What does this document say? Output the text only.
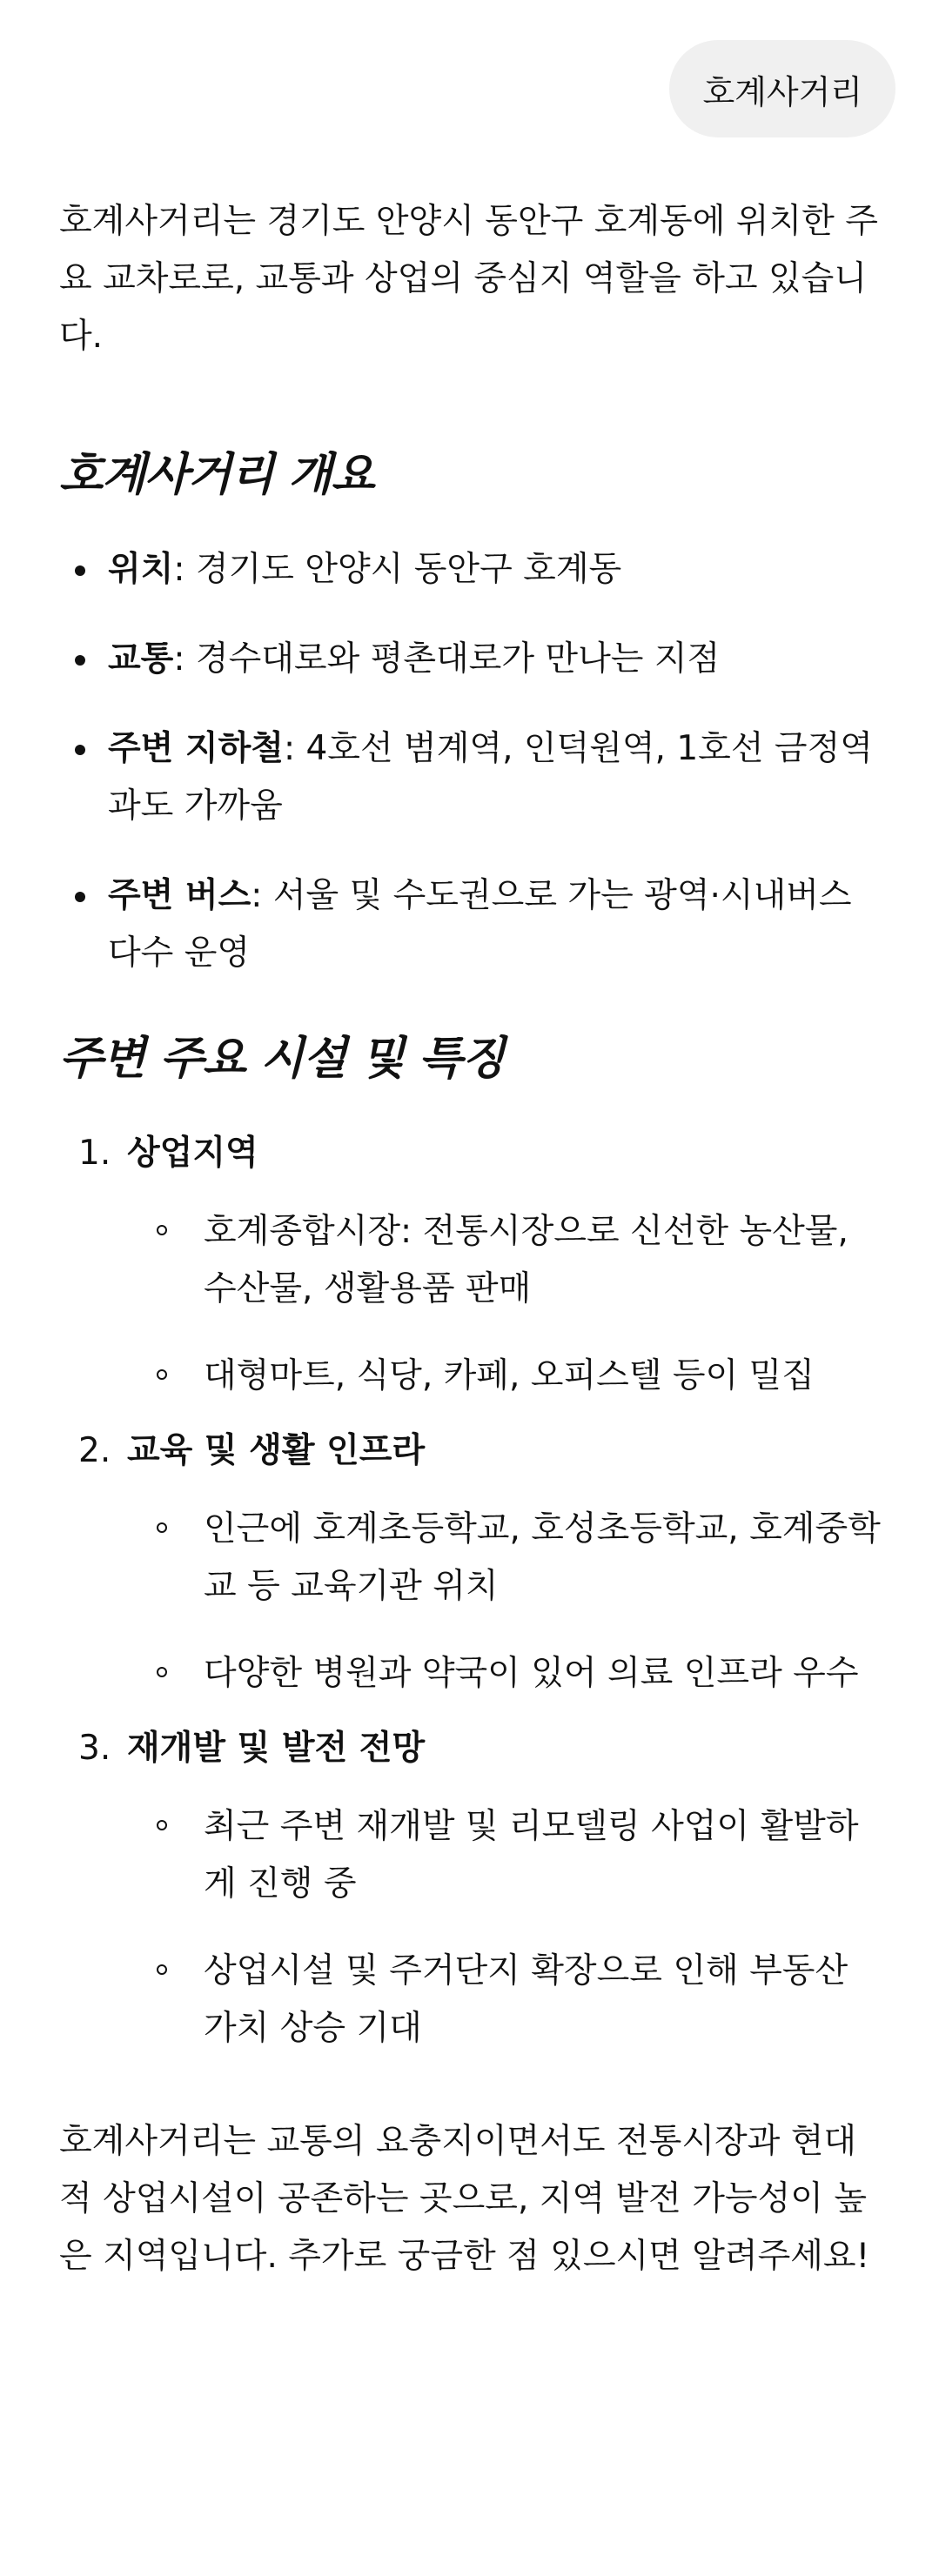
호계사거리

호계사거리는 경기도 안양시 동안구 호계동에 위치한 주요 교차로로, 교통과 상업의 중심지 역할을 하고 있습니다.

호계사거리 개요
위치: 경기도 안양시 동안구 호계동
교통: 경수대로와 평촌대로가 만나는 지점
주변 지하철: 4호선 범계역, 인덕원역, 1호선 금정역과도 가까움
주변 버스: 서울 및 수도권으로 가는 광역·시내버스 다수 운영
주변 주요 시설 및 특징
1. 상업지역
호계종합시장: 전통시장으로 신선한 농산물, 수산물, 생활용품 판매
대형마트, 식당, 카페, 오피스텔 등이 밀집
2. 교육 및 생활 인프라
인근에 호계초등학교, 호성초등학교, 호계중학교 등 교육기관 위치
다양한 병원과 약국이 있어 의료 인프라 우수
3. 재개발 및 발전 전망
최근 주변 재개발 및 리모델링 사업이 활발하게 진행 중
상업시설 및 주거단지 확장으로 인해 부동산 가치 상승 기대

호계사거리는 교통의 요충지이면서도 전통시장과 현대적 상업시설이 공존하는 곳으로, 지역 발전 가능성이 높은 지역입니다. 추가로 궁금한 점 있으시면 알려주세요!
